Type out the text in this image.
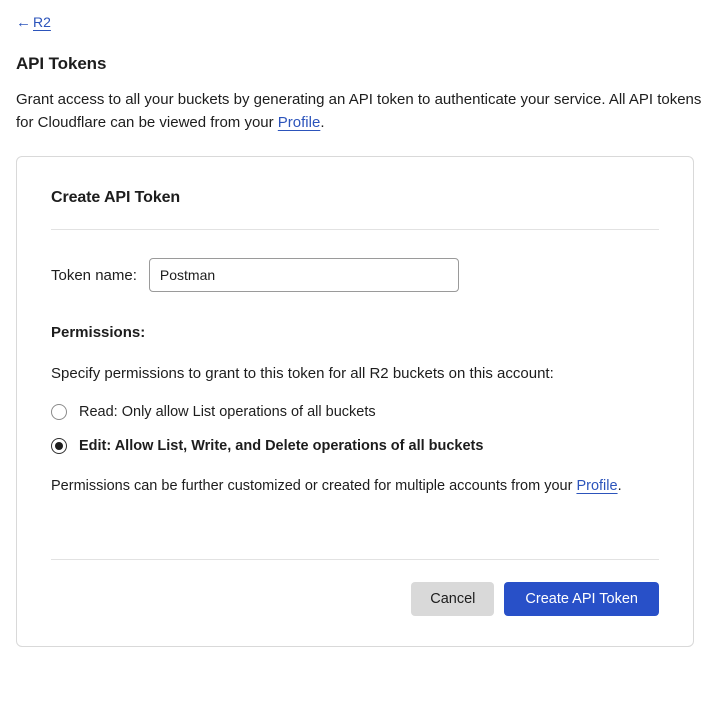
← R2
API Tokens

Grant access to all your buckets by generating an API token to authenticate your service. All API tokens for Cloudflare can be viewed from your Profile.

Create API Token
Token name:
Postman
Permissions:
Specify permissions to grant to this token for all R2 buckets on this account:
Read: Only allow List operations of all buckets
Edit: Allow List, Write, and Delete operations of all buckets
Permissions can be further customized or created for multiple accounts from your Profile.
Cancel	Create API Token
